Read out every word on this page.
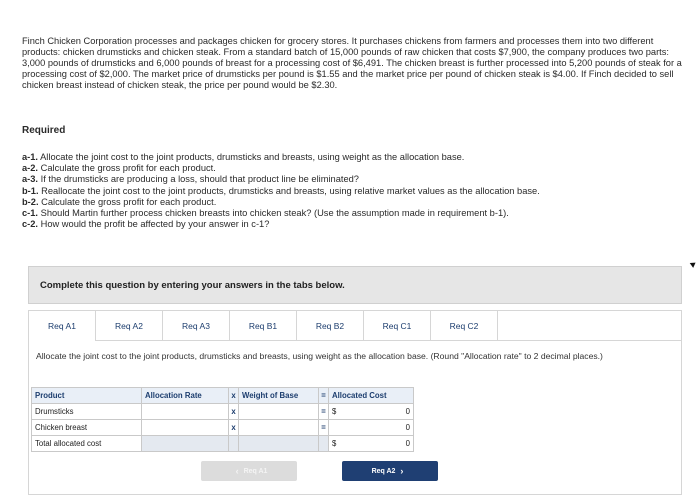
Finch Chicken Corporation processes and packages chicken for grocery stores. It purchases chickens from farmers and processes them into two different products: chicken drumsticks and chicken steak. From a standard batch of 15,000 pounds of raw chicken that costs $7,900, the company produces two parts: 3,000 pounds of drumsticks and 6,000 pounds of breast for a processing cost of $6,491. The chicken breast is further processed into 5,200 pounds of steak for a processing cost of $2,000. The market price of drumsticks per pound is $1.55 and the market price per pound of chicken steak is $4.00. If Finch decided to sell chicken breast instead of chicken steak, the price per pound would be $2.30.
Required
a-1. Allocate the joint cost to the joint products, drumsticks and breasts, using weight as the allocation base.
a-2. Calculate the gross profit for each product.
a-3. If the drumsticks are producing a loss, should that product line be eliminated?
b-1. Reallocate the joint cost to the joint products, drumsticks and breasts, using relative market values as the allocation base.
b-2. Calculate the gross profit for each product.
c-1. Should Martin further process chicken breasts into chicken steak? (Use the assumption made in requirement b-1).
c-2. How would the profit be affected by your answer in c-1?
Complete this question by entering your answers in the tabs below.
Req A1	Req A2	Req A3	Req B1	Req B2	Req C1	Req C2
Allocate the joint cost to the joint products, drumsticks and breasts, using weight as the allocation base. (Round "Allocation rate" to 2 decimal places.)
Product	Allocation Rate	x	Weight of Base	=	Allocated Cost
Drumsticks		x		=	$ 0

Chicken breast		x		=	0

Total allocated cost					$ 0
‹ Req A1	Req A2 ›
